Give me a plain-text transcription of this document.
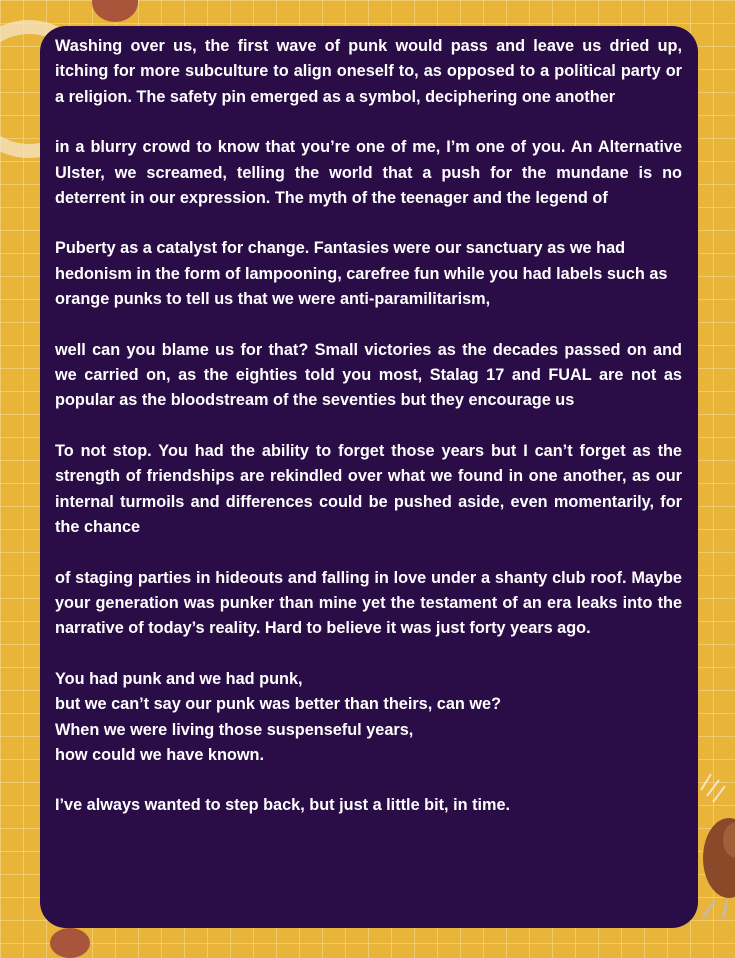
Washing over us, the first wave of punk would pass and leave us dried up, itching for more subculture to align oneself to, as opposed to a political party or a religion. The safety pin emerged as a symbol, deciphering one another

in a blurry crowd to know that you’re one of me, I’m one of you. An Alternative Ulster, we screamed, telling the world that a push for the mundane is no deterrent in our expression. The myth of the teenager and the legend of

Puberty as a catalyst for change. Fantasies were our sanctuary as we had hedonism in the form of lampooning, carefree fun while you had labels such as orange punks to tell us that we were anti-paramilitarism,

well can you blame us for that? Small victories as the decades passed on and we carried on, as the eighties told you most, Stalag 17 and FUAL are not as popular as the bloodstream of the seventies but they encourage us

To not stop. You had the ability to forget those years but I can’t forget as the strength of friendships are rekindled over what we found in one another, as our internal turmoils and differences could be pushed aside, even momentarily, for the chance

of staging parties in hideouts and falling in love under a shanty club roof. Maybe your generation was punker than mine yet the testament of an era leaks into the narrative of today’s reality. Hard to believe it was just forty years ago.

You had punk and we had punk,
but we can’t say our punk was better than theirs, can we?
When we were living those suspenseful years,
how could we have known.

I’ve always wanted to step back, but just a little bit, in time.
